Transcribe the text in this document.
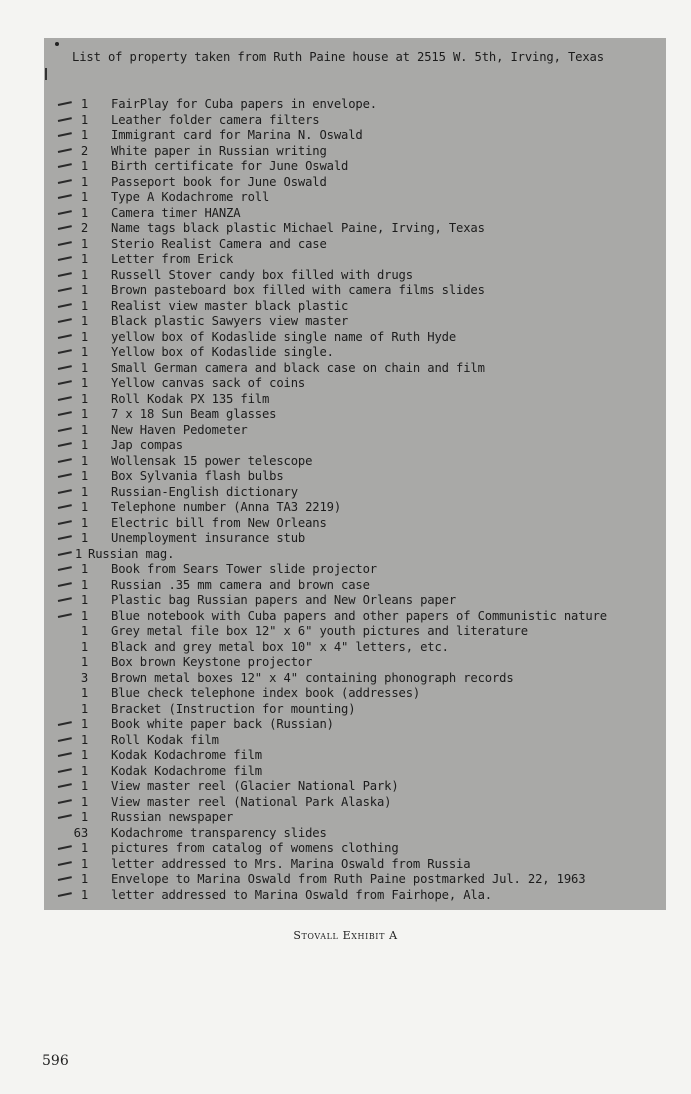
List of property taken from Ruth Paine house at 2515 W. 5th, Irving, Texas
1 FairPlay for Cuba papers in envelope.
1 Leather folder camera filters
1 Immigrant card for Marina N. Oswald
2 White paper in Russian writing
1 Birth certificate for June Oswald
1 Passeport book for June Oswald
1 Type A Kodachrome roll
1 Camera timer HANZA
2 Name tags black plastic Michael Paine, Irving, Texas
1 Sterio Realist Camera and case
1 Letter from Erick
1 Russell Stover candy box filled with drugs
1 Brown pasteboard box filled with camera films slides
1 Realist view master black plastic
1 Black plastic Sawyers view master
1 yellow box of Kodaslide single name of Ruth Hyde
1 Yellow box of Kodaslide single.
1 Small German camera and black case on chain and film
1 Yellow canvas sack of coins
1 Roll Kodak PX 135 film
1 7 x 18 Sun Beam glasses
1 New Haven Pedometer
1 Jap compas
1 Wollensak 15 power telescope
1 Box Sylvania flash bulbs
1 Russian-English dictionary
1 Telephone number (Anna TA3 2219)
1 Electric bill from New Orleans
1 Unemployment insurance stub
1 Russian mag.
1 Book from Sears Tower slide projector
1 Russian .35 mm camera and brown case
1 Plastic bag Russian papers and New Orleans paper
1 Blue notebook with Cuba papers and other papers of Communistic nature
1 Grey metal file box 12" x 6" youth pictures and literature
1 Black and grey metal box 10" x 4" letters, etc.
1 Box brown Keystone projector
3 Brown metal boxes 12" x 4" containing phonograph records
1 Blue check telephone index book (addresses)
1 Bracket (Instruction for mounting)
1 Book white paper back (Russian)
1 Roll Kodak film
1 Kodak Kodachrome film
1 Kodak Kodachrome film
1 View master reel (Glacier National Park)
1 View master reel (National Park Alaska)
1 Russian newspaper
63 Kodachrome transparency slides
1 pictures from catalog of womens clothing
1 letter addressed to Mrs. Marina Oswald from Russia
1 Envelope to Marina Oswald from Ruth Paine postmarked Jul. 22, 1963
1 letter addressed to Marina Oswald from Fairhope, Ala.
Stovall Exhibit A
596
